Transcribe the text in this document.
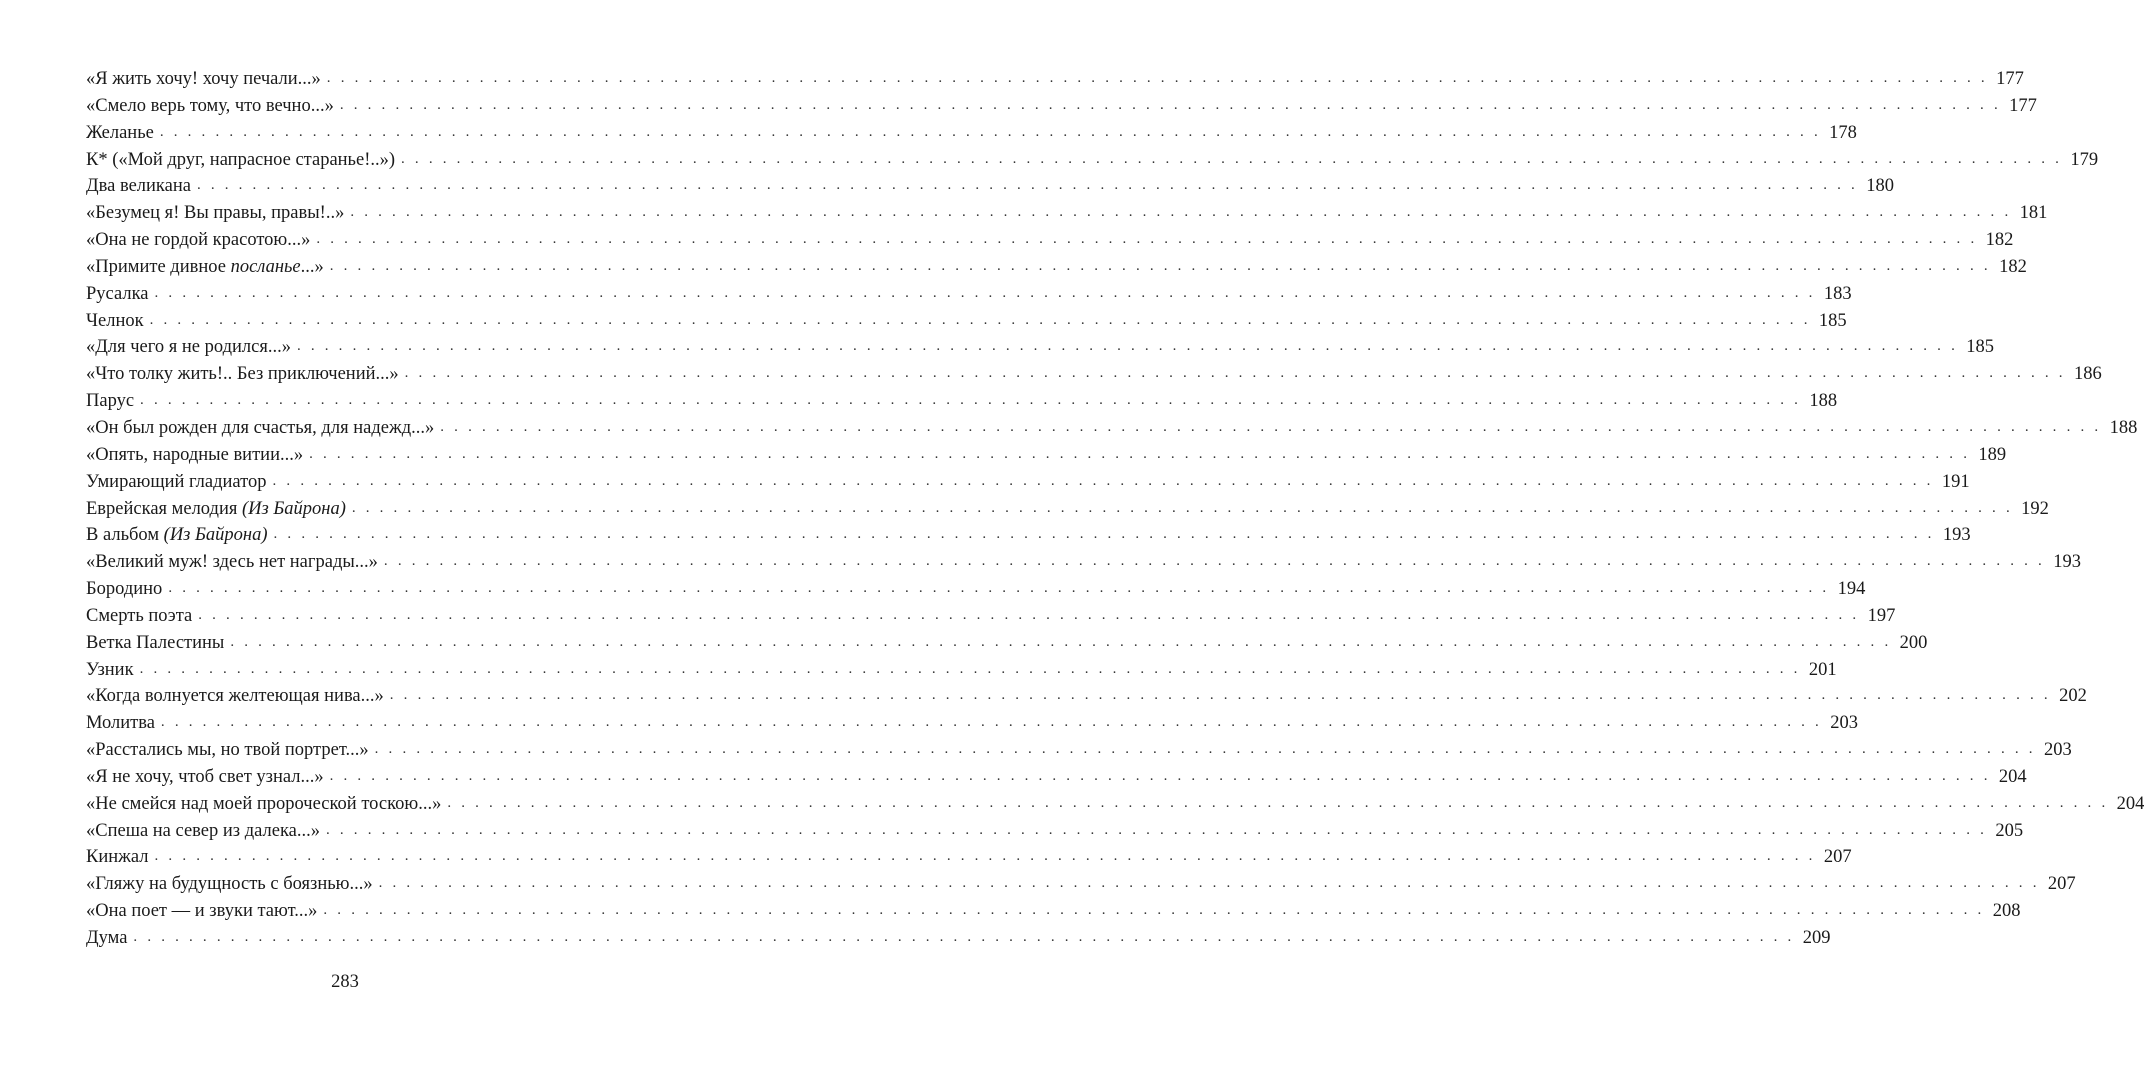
«Я жить хочу! хочу печали...» . . . . . . . . . . . . . . . . . . . . . . . . . . . . . . . . . . . . . . . . . . . . . . . . . . . . . . . . . . . . . . . . . . . . . . . . . . . . . . . . . . . . . . . . . . . . . . . . . . . . . . . . . . . . . . . . . . . . . . . . 177
«Смело верь тому, что вечно...» . . . . . . . . . . . . . . . . . . . . . . . . . . . . . . . . . . . . . . . . . . . . . . . . . . . . . . . . . . . . . . . . . . . . . . . . . . . . . . . . . . . . . . . . . . . . . . . . . . . . . . . . . . . . . . . . . . . . . . . . 177
Желанье . . . . . . . . . . . . . . . . . . . . . . . . . . . . . . . . . . . . . . . . . . . . . . . . . . . . . . . . . . . . . . . . . . . . . . . . . . . . . . . . . . . . . . . . . . . . . . . . . . . . . . . . . . . . . . . . . . . . . . . . 178
К* («Мой друг, напрасное старанье!..») . . . . . . . . . . . . . . . . . . . . . . . . . . . . . . . . . . . . . . . . . . . . . . . . . . . . . . . . . . . . . . . . . . . . . . . . . . . . . . . . . . . . . . . . . . . . . . . . . . . . . . . . . . . . . . . . . . . . . . . . 179
Два великана . . . . . . . . . . . . . . . . . . . . . . . . . . . . . . . . . . . . . . . . . . . . . . . . . . . . . . . . . . . . . . . . . . . . . . . . . . . . . . . . . . . . . . . . . . . . . . . . . . . . . . . . . . . . . . . . . . . . . . . . 180
«Безумец я! Вы правы, правы!..» . . . . . . . . . . . . . . . . . . . . . . . . . . . . . . . . . . . . . . . . . . . . . . . . . . . . . . . . . . . . . . . . . . . . . . . . . . . . . . . . . . . . . . . . . . . . . . . . . . . . . . . . . . . . . . . . . . . . . . . . 181
«Она не гордой красотою...» . . . . . . . . . . . . . . . . . . . . . . . . . . . . . . . . . . . . . . . . . . . . . . . . . . . . . . . . . . . . . . . . . . . . . . . . . . . . . . . . . . . . . . . . . . . . . . . . . . . . . . . . . . . . . . . . . . . . . . . . 182
«Примите дивное посланье...» . . . . . . . . . . . . . . . . . . . . . . . . . . . . . . . . . . . . . . . . . . . . . . . . . . . . . . . . . . . . . . . . . . . . . . . . . . . . . . . . . . . . . . . . . . . . . . . . . . . . . . . . . . . . . . . . . . . . . . . . 182
Русалка . . . . . . . . . . . . . . . . . . . . . . . . . . . . . . . . . . . . . . . . . . . . . . . . . . . . . . . . . . . . . . . . . . . . . . . . . . . . . . . . . . . . . . . . . . . . . . . . . . . . . . . . . . . . . . . . . . . . . . . . 183
Челнок . . . . . . . . . . . . . . . . . . . . . . . . . . . . . . . . . . . . . . . . . . . . . . . . . . . . . . . . . . . . . . . . . . . . . . . . . . . . . . . . . . . . . . . . . . . . . . . . . . . . . . . . . . . . . . . . . . . . . . . . 185
«Для чего я не родился...» . . . . . . . . . . . . . . . . . . . . . . . . . . . . . . . . . . . . . . . . . . . . . . . . . . . . . . . . . . . . . . . . . . . . . . . . . . . . . . . . . . . . . . . . . . . . . . . . . . . . . . . . . . . . . . . . . . . . . . . . 185
«Что толку жить!.. Без приключений...» . . . . . . . . . . . . . . . . . . . . . . . . . . . . . . . . . . . . . . . . . . . . . . . . . . . . . . . . . . . . . . . . . . . . . . . . . . . . . . . . . . . . . . . . . . . . . . . . . . . . . . . . . . . . . . . . . . . . . . . . 186
Парус . . . . . . . . . . . . . . . . . . . . . . . . . . . . . . . . . . . . . . . . . . . . . . . . . . . . . . . . . . . . . . . . . . . . . . . . . . . . . . . . . . . . . . . . . . . . . . . . . . . . . . . . . . . . . . . . . . . . . . . . 188
«Он был рожден для счастья, для надежд...» . . . . . . . . . . . . . . . . . . . . . . . . . . . . . . . . . . . . . . . . . . . . . . . . . . . . . . . . . . . . . . . . . . . . . . . . . . . . . . . . . . . . . . . . . . . . . . . . . . . . . . . . . . . . . . . . . . . . . . . . 188
«Опять, народные витии...» . . . . . . . . . . . . . . . . . . . . . . . . . . . . . . . . . . . . . . . . . . . . . . . . . . . . . . . . . . . . . . . . . . . . . . . . . . . . . . . . . . . . . . . . . . . . . . . . . . . . . . . . . . . . . . . . . . . . . . . . 189
Умирающий гладиатор . . . . . . . . . . . . . . . . . . . . . . . . . . . . . . . . . . . . . . . . . . . . . . . . . . . . . . . . . . . . . . . . . . . . . . . . . . . . . . . . . . . . . . . . . . . . . . . . . . . . . . . . . . . . . . . . . . . . . . . . 191
Еврейская мелодия (Из Байрона) . . . . . . . . . . . . . . . . . . . . . . . . . . . . . . . . . . . . . . . . . . . . . . . . . . . . . . . . . . . . . . . . . . . . . . . . . . . . . . . . . . . . . . . . . . . . . . . . . . . . . . . . . . . . . . . . . . . . . . . . 192
В альбом (Из Байрона) . . . . . . . . . . . . . . . . . . . . . . . . . . . . . . . . . . . . . . . . . . . . . . . . . . . . . . . . . . . . . . . . . . . . . . . . . . . . . . . . . . . . . . . . . . . . . . . . . . . . . . . . . . . . . . . . . . . . . . . . 193
«Великий муж! здесь нет награды...» . . . . . . . . . . . . . . . . . . . . . . . . . . . . . . . . . . . . . . . . . . . . . . . . . . . . . . . . . . . . . . . . . . . . . . . . . . . . . . . . . . . . . . . . . . . . . . . . . . . . . . . . . . . . . . . . . . . . . . . . 193
Бородино . . . . . . . . . . . . . . . . . . . . . . . . . . . . . . . . . . . . . . . . . . . . . . . . . . . . . . . . . . . . . . . . . . . . . . . . . . . . . . . . . . . . . . . . . . . . . . . . . . . . . . . . . . . . . . . . . . . . . . . . 194
Смерть поэта . . . . . . . . . . . . . . . . . . . . . . . . . . . . . . . . . . . . . . . . . . . . . . . . . . . . . . . . . . . . . . . . . . . . . . . . . . . . . . . . . . . . . . . . . . . . . . . . . . . . . . . . . . . . . . . . . . . . . . . . 197
Ветка Палестины . . . . . . . . . . . . . . . . . . . . . . . . . . . . . . . . . . . . . . . . . . . . . . . . . . . . . . . . . . . . . . . . . . . . . . . . . . . . . . . . . . . . . . . . . . . . . . . . . . . . . . . . . . . . . . . . . . . . . . . . 200
Узник . . . . . . . . . . . . . . . . . . . . . . . . . . . . . . . . . . . . . . . . . . . . . . . . . . . . . . . . . . . . . . . . . . . . . . . . . . . . . . . . . . . . . . . . . . . . . . . . . . . . . . . . . . . . . . . . . . . . . . . . 201
«Когда волнуется желтеющая нива...» . . . . . . . . . . . . . . . . . . . . . . . . . . . . . . . . . . . . . . . . . . . . . . . . . . . . . . . . . . . . . . . . . . . . . . . . . . . . . . . . . . . . . . . . . . . . . . . . . . . . . . . . . . . . . . . . . . . . . . . . 202
Молитва . . . . . . . . . . . . . . . . . . . . . . . . . . . . . . . . . . . . . . . . . . . . . . . . . . . . . . . . . . . . . . . . . . . . . . . . . . . . . . . . . . . . . . . . . . . . . . . . . . . . . . . . . . . . . . . . . . . . . . . . 203
«Расстались мы, но твой портрет...» . . . . . . . . . . . . . . . . . . . . . . . . . . . . . . . . . . . . . . . . . . . . . . . . . . . . . . . . . . . . . . . . . . . . . . . . . . . . . . . . . . . . . . . . . . . . . . . . . . . . . . . . . . . . . . . . . . . . . . . . 203
«Я не хочу, чтоб свет узнал...» . . . . . . . . . . . . . . . . . . . . . . . . . . . . . . . . . . . . . . . . . . . . . . . . . . . . . . . . . . . . . . . . . . . . . . . . . . . . . . . . . . . . . . . . . . . . . . . . . . . . . . . . . . . . . . . . . . . . . . . . 204
«Не смейся над моей пророческой тоскою...» . . . . . . . . . . . . . . . . . . . . . . . . . . . . . . . . . . . . . . . . . . . . . . . . . . . . . . . . . . . . . . . . . . . . . . . . . . . . . . . . . . . . . . . . . . . . . . . . . . . . . . . . . . . . . . . . . . . . . . . . 204
«Спеша на север из далека...» . . . . . . . . . . . . . . . . . . . . . . . . . . . . . . . . . . . . . . . . . . . . . . . . . . . . . . . . . . . . . . . . . . . . . . . . . . . . . . . . . . . . . . . . . . . . . . . . . . . . . . . . . . . . . . . . . . . . . . . . 205
Кинжал . . . . . . . . . . . . . . . . . . . . . . . . . . . . . . . . . . . . . . . . . . . . . . . . . . . . . . . . . . . . . . . . . . . . . . . . . . . . . . . . . . . . . . . . . . . . . . . . . . . . . . . . . . . . . . . . . . . . . . . . 207
«Гляжу на будущность с боязнью...» . . . . . . . . . . . . . . . . . . . . . . . . . . . . . . . . . . . . . . . . . . . . . . . . . . . . . . . . . . . . . . . . . . . . . . . . . . . . . . . . . . . . . . . . . . . . . . . . . . . . . . . . . . . . . . . . . . . . . . . . 207
«Она поет — и звуки тают...» . . . . . . . . . . . . . . . . . . . . . . . . . . . . . . . . . . . . . . . . . . . . . . . . . . . . . . . . . . . . . . . . . . . . . . . . . . . . . . . . . . . . . . . . . . . . . . . . . . . . . . . . . . . . . . . . . . . . . . . . 208
Дума . . . . . . . . . . . . . . . . . . . . . . . . . . . . . . . . . . . . . . . . . . . . . . . . . . . . . . . . . . . . . . . . . . . . . . . . . . . . . . . . . . . . . . . . . . . . . . . . . . . . . . . . . . . . . . . . . . . . . . . . 209
283
